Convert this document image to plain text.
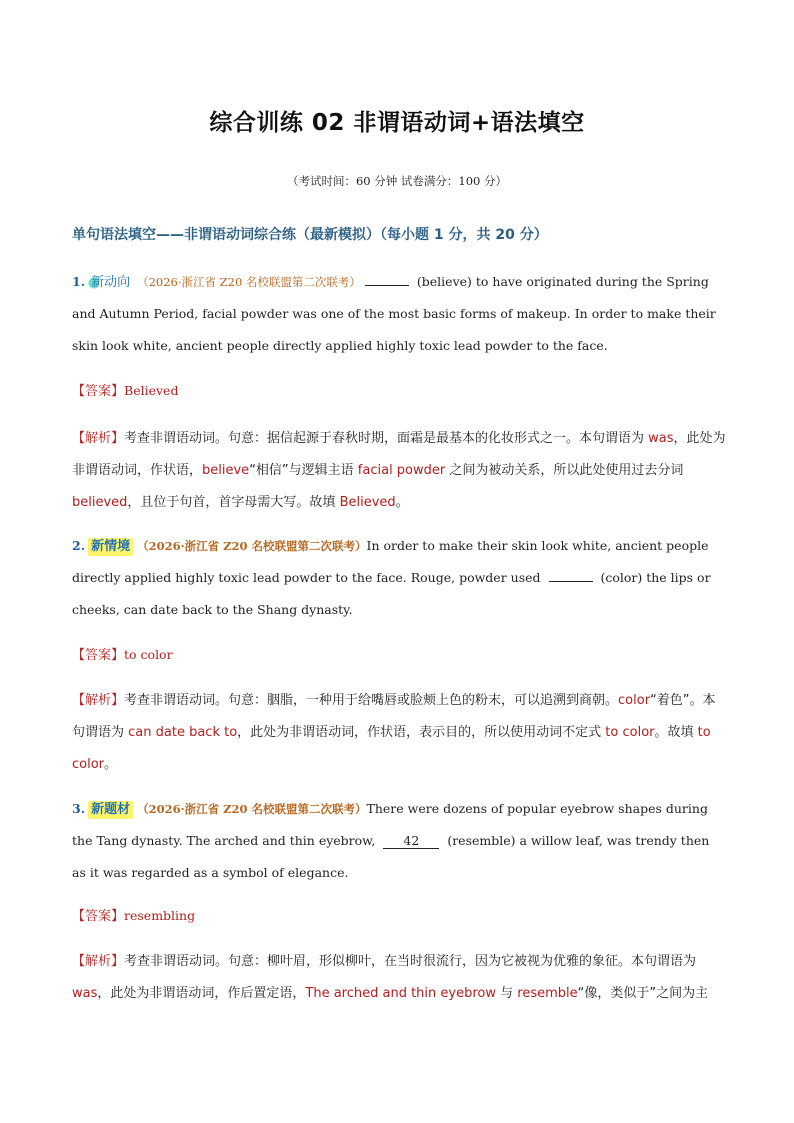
综合训练 02 非谓语动词+语法填空
（考试时间：60 分钟 试卷满分：100 分）
单句语法填空——非谓语动词综合练（最新模拟）（每小题 1 分，共 20 分）

1. 新动向 （2026·浙江省 Z20 名校联盟第二次联考）	(believe) to have originated during the Spring and Autumn Period, facial powder was one of the most basic forms of makeup. In order to make their skin look white, ancient people directly applied highly toxic lead powder to the face.

【答案】Believed

【解析】考查非谓语动词。句意：据信起源于春秋时期，面霜是最基本的化妆形式之一。本句谓语为 was，此处为非谓语动词，作状语，believe“相信”与逻辑主语 facial powder 之间为被动关系，所以此处使用过去分词 believed，且位于句首，首字母需大写。故填 Believed。

2. 新情境 （2026·浙江省 Z20 名校联盟第二次联考）In order to make their skin look white, ancient people directly applied highly toxic lead powder to the face. Rouge, powder used	(color) the lips or cheeks, can date back to the Shang dynasty.

【答案】to color

【解析】考查非谓语动词。句意：胭脂，一种用于给嘴唇或脸颊上色的粉末，可以追溯到商朝。color“着色”。本句谓语为 can date back to，此处为非谓语动词，作状语，表示目的，所以使用动词不定式 to color。故填 to color。

3. 新题材 （2026·浙江省 Z20 名校联盟第二次联考）There were dozens of popular eyebrow shapes during the Tang dynasty. The arched and thin eyebrow, 42 (resemble) a willow leaf, was trendy then as it was regarded as a symbol of elegance.

【答案】resembling

【解析】考查非谓语动词。句意：柳叶眉，形似柳叶，在当时很流行，因为它被视为优雅的象征。本句谓语为 was，此处为非谓语动词，作后置定语，The arched and thin eyebrow 与 resemble“像，类似于”之间为主
